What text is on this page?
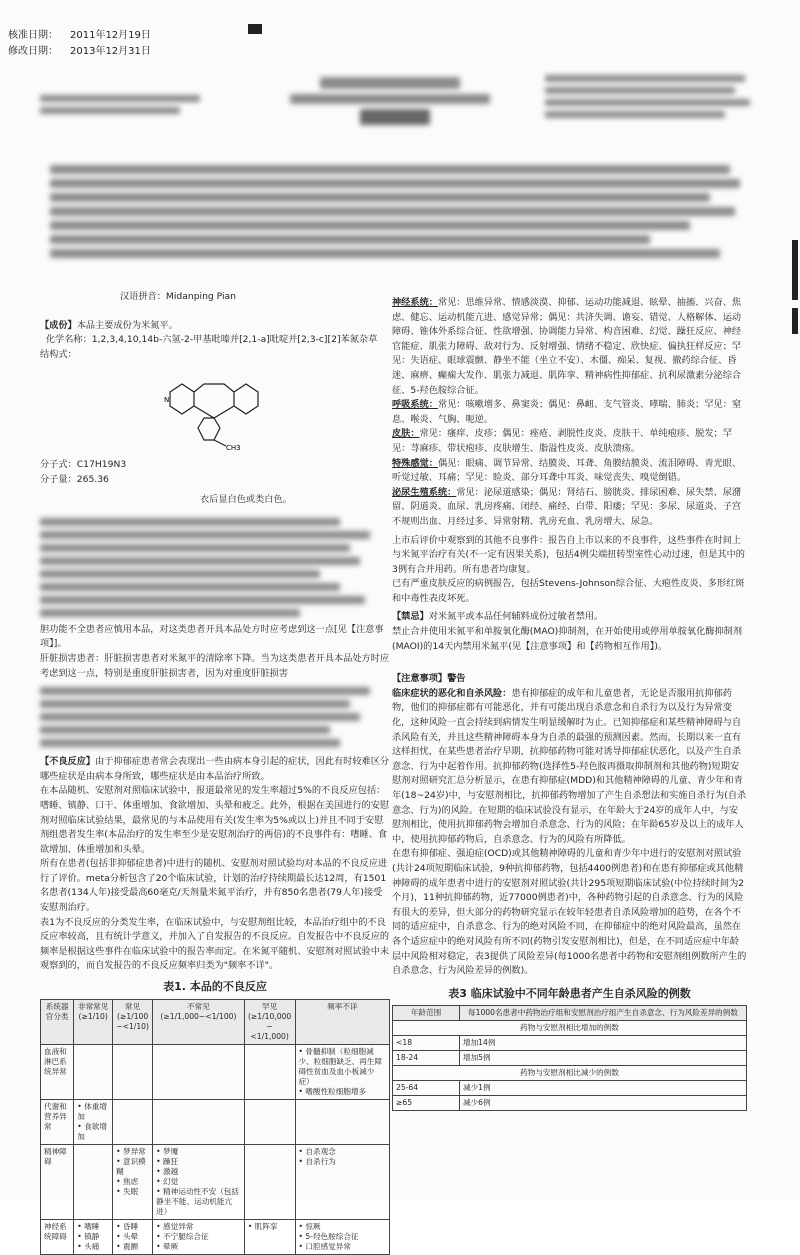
核准日期： 2011年12月19日
修改日期： 2013年12月31日

汉语拼音：Midanping Pian

【成份】本品主要成份为米氮平。

化学名称：1,2,3,4,10,14b-六氢-2-甲基吡嗪并[2,1-a]吡啶并[2,3-c][2]苯氮杂草

结构式：

N
CH3

分子式：C17H19N3

分子量：265.36

衣后显白色或类白色。

胆功能不全患者应慎用本品，对这类患者开具本品处方时应考虑到这一点[见【注意事项】]。

肝脏损害患者：肝脏损害患者对米氮平的清除率下降。当为这类患者开具本品处方时应考虑到这一点，特别是重度肝脏损害者，因为对重度肝脏损害

【不良反应】由于抑郁症患者常会表现出一些由病本身引起的症状，因此有时较难区分哪些症状是由病本身所致，哪些症状是由本品治疗所致。

在本品随机、安慰剂对照临床试验中，报道最常见的发生率超过5%的不良反应包括：嗜睡、镇静、口干、体重增加、食欲增加、头晕和疲乏。此外，根据在美国进行的安慰剂对照临床试验结果，最常见的与本品使用有关(发生率为5%或以上)并且不同于安慰剂组患者发生率(本品治疗的发生率至少是安慰剂治疗的两倍)的不良事件有：嗜睡、食欲增加、体重增加和头晕。

所有在患者(包括非抑郁症患者)中进行的随机、安慰剂对照试验均对本品的不良反应进行了评价。meta分析包含了20个临床试验，计划的治疗持续期最长达12周，有1501名患者(134人年)接受最高60毫克/天剂量米氮平治疗，并有850名患者(79人年)接受安慰剂治疗。

表1为不良反应的分类发生率，在临床试验中，与安慰剂组比较，本品治疗组中的不良反应率较高，且有统计学意义，并加入了自发报告的不良反应。自发报告中不良反应的频率是根据这些事件在临床试验中的报告率而定。在米氮平随机、安慰剂对照试验中未观察到的，而自发报告的不良反应频率归类为"频率不详"。

表1. 本品的不良反应
系统器官分类	非常常见
(≥1/10)	常见
(≥1/100
~<1/10)	不常见
(≥1/1,000~<1/100)	罕见
(≥1/10,000
~<1/1,000)	频率不详
血液和淋巴系统异常					• 骨髓抑制（粒细胞减少、粒细胞缺乏、再生障碍性贫血及血小板减少症）
• 嗜酸性粒细胞增多
代谢和营养异常	• 体重增加
• 食欲增加				
精神障碍		• 梦异常
• 意识模糊
• 焦虑
• 失眠	• 梦魇
• 躁狂
• 激越
• 幻觉
• 精神运动性不安（包括静坐不能、运动机能亢进）		• 自杀观念
• 自杀行为
神经系统障碍	• 嗜睡
• 镇静
• 头痛	• 昏睡
• 头晕
• 震颤	• 感觉异常
• 不宁腿综合征
• 晕厥	• 肌阵挛	• 惊厥
• 5-羟色胺综合征
• 口腔感觉异常

神经系统：常见：思维异常、情感淡漠、抑郁、运动功能减退、眩晕、抽搐、兴奋、焦虑、健忘、运动机能亢进、感觉异常；偶见：共济失调、谵妄、错觉、人格解体、运动障碍、锥体外系综合征、性欲增强、协调能力异常、构音困难、幻觉、躁狂反应、神经官能症、肌张力障碍、敌对行为、反射增强、情绪不稳定、欣快症、偏执狂样反应；罕见：失语症、眼球震颤、静坐不能（坐立不安）、木僵、痴呆、复视、撤药综合征、昏迷、麻痹、癫痫大发作、肌张力减退、肌阵挛、精神病性抑郁症、抗利尿激素分泌综合征、5-羟色胺综合征。

呼吸系统：常见：咳嗽增多、鼻窦炎；偶见：鼻衄、支气管炎、哮喘、肺炎；罕见：窒息、喉炎、气胸、呃逆。

皮肤：常见：瘙痒、皮疹；偶见：痤疮、剥脱性皮炎、皮肤干、单纯疱疹、脱发；罕见：荨麻疹、带状疱疹、皮肤增生、脂溢性皮炎、皮肤溃疡。

特殊感觉：偶见：眼痛、调节异常、结膜炎、耳聋、角膜结膜炎、流泪障碍、青光眼、听觉过敏、耳痛；罕见：睑炎、部分耳聋中耳炎、味觉丧失、嗅觉倒错。

泌尿生殖系统：常见：泌尿道感染；偶见：肾结石、膀胱炎、排尿困难、尿失禁、尿潴留、阴道炎、血尿、乳房疼痛、闭经、痛经、白带、阳痿；罕见：多尿、尿道炎、子宫不规则出血、月经过多、异常射精、乳房充血、乳房增大、尿急。

上市后评价中观察到的其他不良事件：报告自上市以来的不良事件，这些事件在时间上与米氮平治疗有关(不一定有因果关系)，包括4例尖端扭转型室性心动过速，但是其中的3例有合并用药。所有患者均康复。

已有严重皮肤反应的病例报告，包括Stevens-Johnson综合征、大疱性皮炎、多形红斑和中毒性表皮坏死。

【禁忌】对米氮平或本品任何辅料成份过敏者禁用。

禁止合并使用米氮平和单胺氧化酶(MAO)抑制剂，在开始使用或停用单胺氧化酶抑制剂(MAOI)的14天内禁用米氮平(见【注意事项】和【药物相互作用】)。

【注意事项】警告

临床症状的恶化和自杀风险：患有抑郁症的成年和儿童患者，无论是否服用抗抑郁药物，他们的抑郁症都有可能恶化，并有可能出现自杀意念和自杀行为以及行为异常变化，这种风险一直会持续到病情发生明显缓解时为止。已知抑郁症和某些精神障碍与自杀风险有关，并且这些精神障碍本身为自杀的最强的预测因素。然而，长期以来一直有这样担忧，在某些患者治疗早期，抗抑郁药物可能对诱导抑郁症状恶化，以及产生自杀意念、行为中起着作用。抗抑郁药物(选择性5-羟色胺再摄取抑制剂和其他药物)短期安慰剂对照研究汇总分析显示，在患有抑郁症(MDD)和其他精神障碍的儿童、青少年和青年(18~24岁)中，与安慰剂相比，抗抑郁药物增加了产生自杀想法和实施自杀行为(自杀意念、行为)的风险。在短期的临床试验没有显示，在年龄大于24岁的成年人中，与安慰剂相比，使用抗抑郁药物会增加自杀意念、行为的风险；在年龄65岁及以上的成年人中，使用抗抑郁药物后，自杀意念、行为的风险有所降低。

在患有抑郁症、强迫症(OCD)或其他精神障碍的儿童和青少年中进行的安慰剂对照试验(共计24项短期临床试验，9种抗抑郁药物，包括4400例患者)和在患有抑郁症或其他精神障碍的成年患者中进行的安慰剂对照试验(共计295项短期临床试验(中位持续时间为2个月)，11种抗抑郁药物，近77000例患者)中，各种药物引起的自杀意念、行为的风险有很大的差异，但大部分的药物研究显示在较年轻患者自杀风险增加的趋势，在各个不同的适应症中，自杀意念、行为的绝对风险不同，在抑郁症中的绝对风险最高，虽然在各个适应症中的绝对风险有所不同(药物引发安慰剂相比)，但是，在不同适应症中年龄层中风险相对稳定，表3提供了风险差异(每1000名患者中药物和安慰剂组例数所产生的自杀意念、行为风险差异的例数)。

表3 临床试验中不同年龄患者产生自杀风险的例数
年龄范围	每1000名患者中药物治疗组和安慰剂治疗组产生自杀意念、行为风险差异的例数
药物与安慰剂相比增加的例数	
<18	增加14例
18-24	增加5例
药物与安慰剂相比减少的例数	
25-64	减少1例
≥65	减少6例
